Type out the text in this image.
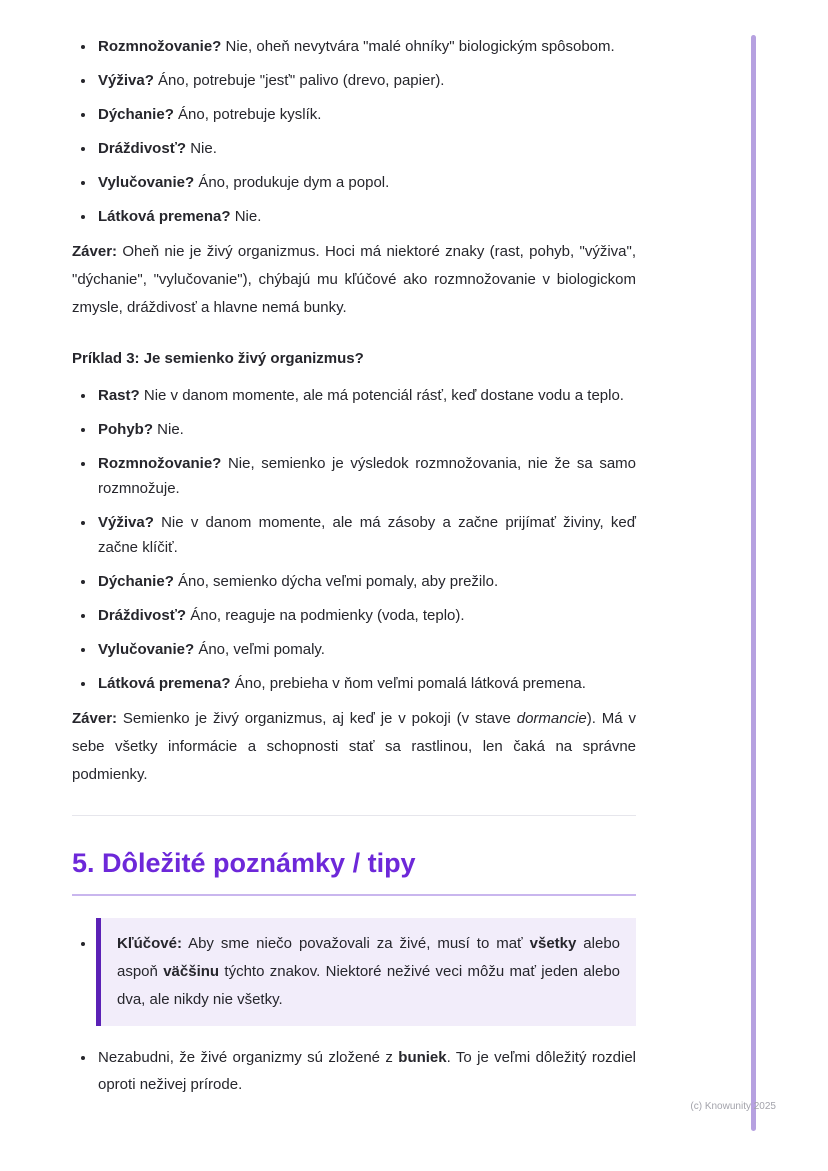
• Rozmnožovanie? Nie, oheň nevytvára "malé ohníky" biologickým spôsobom.
• Výživa? Áno, potrebuje "jesť" palivo (drevo, papier).
• Dýchanie? Áno, potrebuje kyslík.
• Dráždivosť? Nie.
• Vylučovanie? Áno, produkuje dym a popol.
• Látková premena? Nie.

Záver: Oheň nie je živý organizmus. Hoci má niektoré znaky (rast, pohyb, "výživa", "dýchanie", "vylučovanie"), chýbajú mu kľúčové ako rozmnožovanie v biologickom zmysle, dráždivosť a hlavne nemá bunky.

Príklad 3: Je semienko živý organizmus?

• Rast? Nie v danom momente, ale má potenciál rásť, keď dostane vodu a teplo.
• Pohyb? Nie.
• Rozmnožovanie? Nie, semienko je výsledok rozmnožovania, nie že sa samo rozmnožuje.
• Výživa? Nie v danom momente, ale má zásoby a začne prijímať živiny, keď začne klíčiť.
• Dýchanie? Áno, semienko dýcha veľmi pomaly, aby prežilo.
• Dráždivosť? Áno, reaguje na podmienky (voda, teplo).
• Vylučovanie? Áno, veľmi pomaly.
• Látková premena? Áno, prebieha v ňom veľmi pomalá látková premena.

Záver: Semienko je živý organizmus, aj keď je v pokoji (v stave dormancie). Má v sebe všetky informácie a schopnosti stať sa rastlinou, len čaká na správne podmienky.

5. Dôležité poznámky / tipy
• Kľúčové: Aby sme niečo považovali za živé, musí to mať všetky alebo aspoň väčšinu týchto znakov. Niektoré neživé veci môžu mať jeden alebo dva, ale nikdy nie všetky.
• Nezabudni, že živé organizmy sú zložené z buniek. To je veľmi dôležitý rozdiel oproti neživej prírode.
(c) Knowunity 2025
